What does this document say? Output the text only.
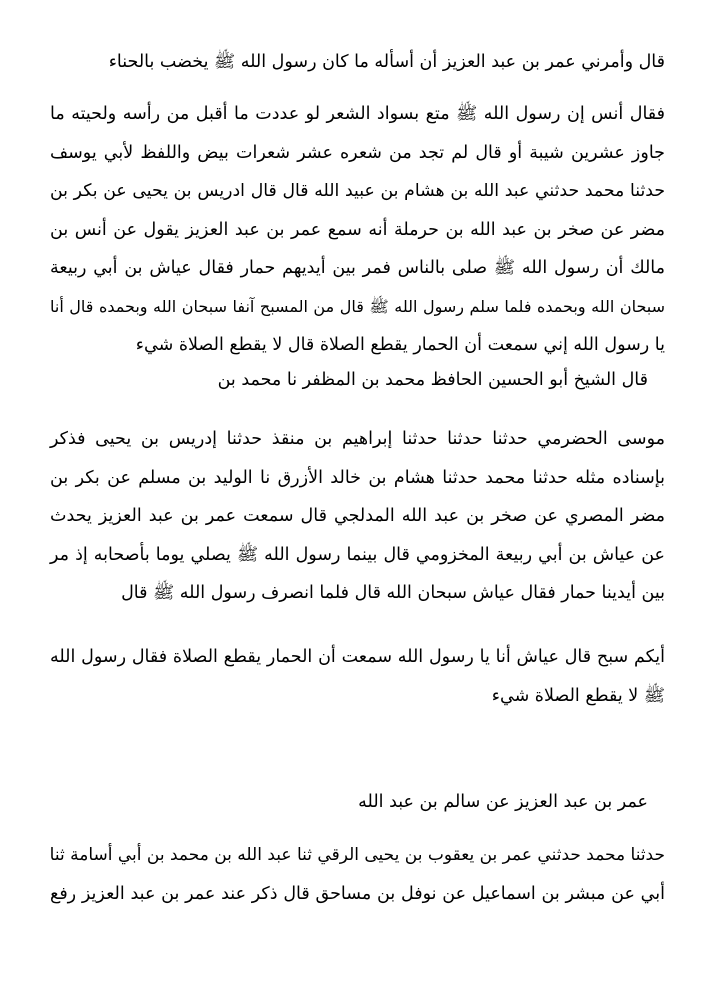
قال وأمرني عمر بن عبد العزيز أن أسأله ما كان رسول الله ﷺ يخضب بالحناء

فقال أنس إن رسول الله ﷺ متع بسواد الشعر لو عددت ما أقبل من رأسه ولحيته ما
جاوز عشرين شيبة أو قال لم تجد من شعره عشر شعرات بيض واللفظ لأبي يوسف
حدثنا محمد حدثني عبد الله بن هشام بن عبيد الله قال قال ادريس بن يحيى عن بكر بن
مضر عن صخر بن عبد الله بن حرملة أنه سمع عمر بن عبد العزيز يقول عن أنس بن
مالك أن رسول الله ﷺ صلى بالناس فمر بين أيديهم حمار فقال عياش بن أبي ربيعة
سبحان الله وبحمده فلما سلم رسول الله ﷺ قال من المسبح آنفا سبحان الله وبحمده قال أنا
يا رسول الله إني سمعت أن الحمار يقطع الصلاة قال لا يقطع الصلاة شيء

قال الشيخ أبو الحسين الحافظ محمد بن المظفر نا محمد بن

موسى الحضرمي حدثنا حدثنا حدثنا إبراهيم بن منقذ حدثنا إدريس بن يحيى فذكر
بإسناده مثله حدثنا محمد حدثنا هشام بن خالد الأزرق نا الوليد بن مسلم عن بكر بن
مضر المصري عن صخر بن عبد الله المدلجي قال سمعت عمر بن عبد العزيز يحدث
عن عياش بن أبي ربيعة المخزومي قال بينما رسول الله ﷺ يصلي يوما بأصحابه إذ مر
بين أيدينا حمار فقال عياش سبحان الله قال فلما انصرف رسول الله ﷺ قال
أيكم سبح قال عياش أنا يا رسول الله سمعت أن الحمار يقطع الصلاة فقال رسول الله
ﷺ لا يقطع الصلاة شيء

عمر بن عبد العزيز عن سالم بن عبد الله

حدثنا محمد حدثني عمر بن يعقوب بن يحيى الرقي ثنا عبد الله بن محمد بن أبي أسامة ثنا
أبي عن مبشر بن اسماعيل عن نوفل بن مساحق قال ذكر عند عمر بن عبد العزيز رفع
